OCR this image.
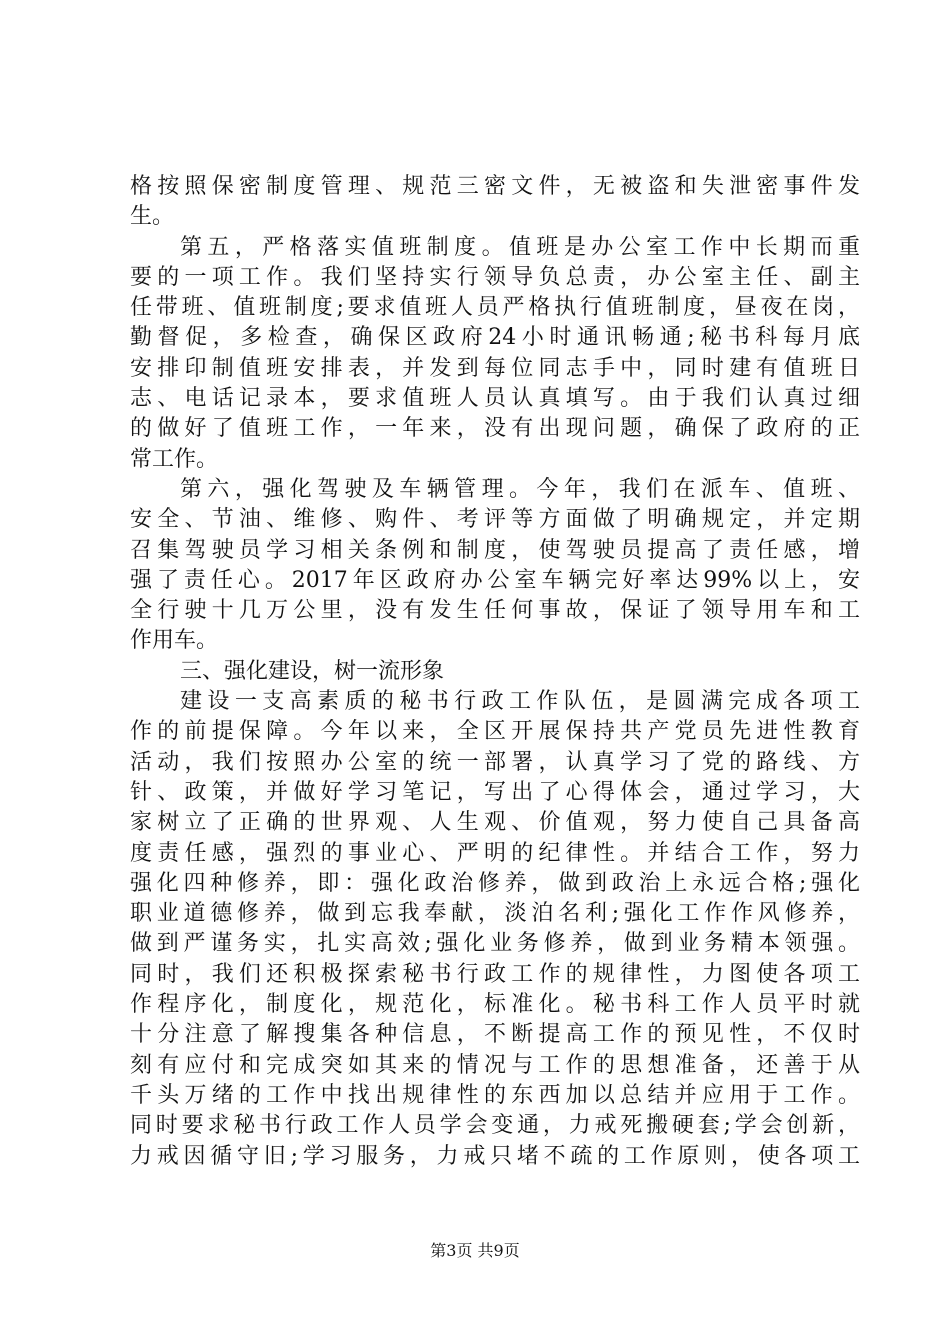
格按照保密制度管理、规范三密文件，无被盗和失泄密事件发
生。
第五，严格落实值班制度。值班是办公室工作中长期而重
要的一项工作。我们坚持实行领导负总责，办公室主任、副主
任带班、值班制度;要求值班人员严格执行值班制度，昼夜在岗，
勤督促，多检查，确保区政府24小时通讯畅通;秘书科每月底
安排印制值班安排表，并发到每位同志手中，同时建有值班日
志、电话记录本，要求值班人员认真填写。由于我们认真过细
的做好了值班工作，一年来，没有出现问题，确保了政府的正
常工作。
第六，强化驾驶及车辆管理。今年，我们在派车、值班、
安全、节油、维修、购件、考评等方面做了明确规定，并定期
召集驾驶员学习相关条例和制度，使驾驶员提高了责任感，增
强了责任心。2017年区政府办公室车辆完好率达99%以上，安
全行驶十几万公里，没有发生任何事故，保证了领导用车和工
作用车。
三、强化建设，树一流形象
建设一支高素质的秘书行政工作队伍，是圆满完成各项工
作的前提保障。今年以来，全区开展保持共产党员先进性教育
活动，我们按照办公室的统一部署，认真学习了党的路线、方
针、政策，并做好学习笔记，写出了心得体会，通过学习，大
家树立了正确的世界观、人生观、价值观，努力使自己具备高
度责任感，强烈的事业心、严明的纪律性。并结合工作，努力
强化四种修养，即：强化政治修养，做到政治上永远合格;强化
职业道德修养，做到忘我奉献，淡泊名利;强化工作作风修养，
做到严谨务实，扎实高效;强化业务修养，做到业务精本领强。
同时，我们还积极探索秘书行政工作的规律性，力图使各项工
作程序化，制度化，规范化，标准化。秘书科工作人员平时就
十分注意了解搜集各种信息，不断提高工作的预见性，不仅时
刻有应付和完成突如其来的情况与工作的思想准备，还善于从
千头万绪的工作中找出规律性的东西加以总结并应用于工作。
同时要求秘书行政工作人员学会变通，力戒死搬硬套;学会创新，
力戒因循守旧;学习服务，力戒只堵不疏的工作原则，使各项工
第3页 共9页
